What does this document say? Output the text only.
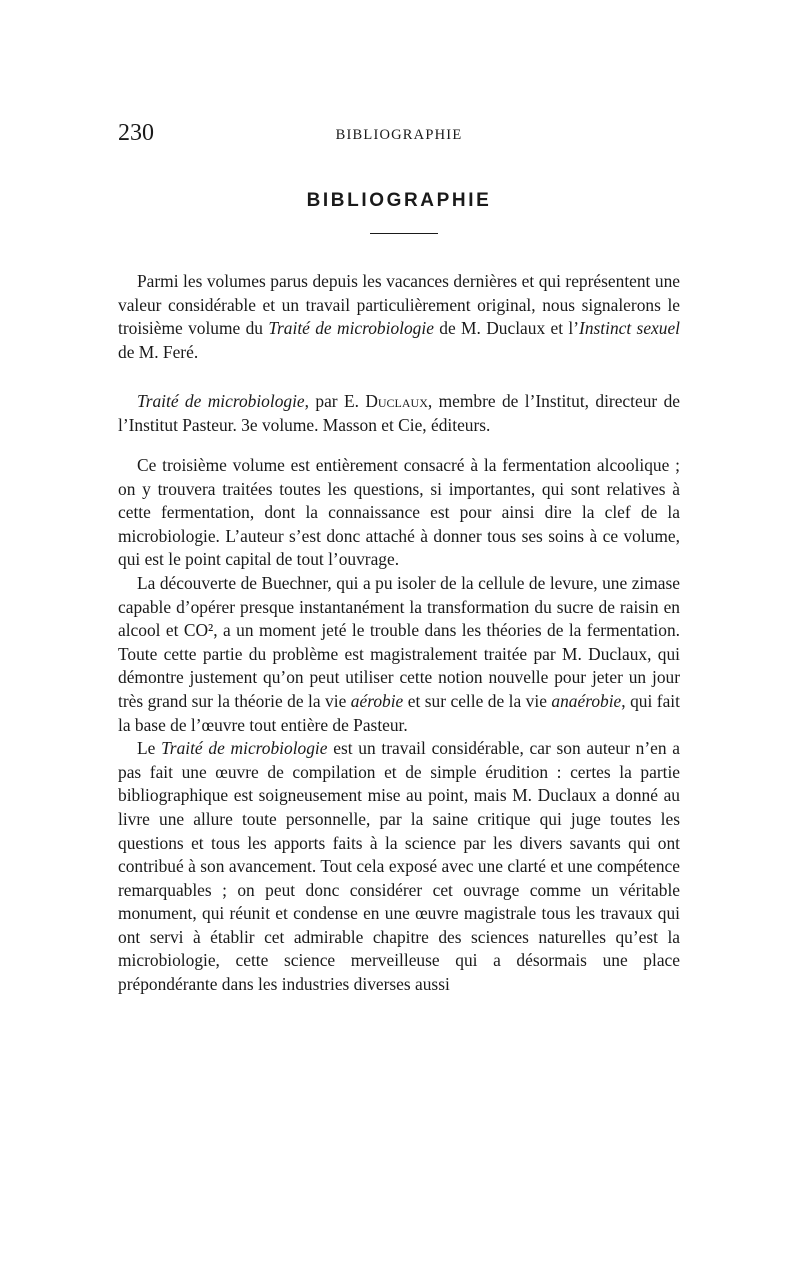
230	BIBLIOGRAPHIE
BIBLIOGRAPHIE

Parmi les volumes parus depuis les vacances dernières et qui représentent une valeur considérable et un travail particulièrement original, nous signalerons le troisième volume du Traité de microbiologie de M. Duclaux et l’Instinct sexuel de M. Feré.

Traité de microbiologie, par E. Duclaux, membre de l’Institut, directeur de l’Institut Pasteur. 3e volume. Masson et Cie, éditeurs.

Ce troisième volume est entièrement consacré à la fermentation alcoolique ; on y trouvera traitées toutes les questions, si importantes, qui sont relatives à cette fermentation, dont la connaissance est pour ainsi dire la clef de la microbiologie. L’auteur s’est donc attaché à donner tous ses soins à ce volume, qui est le point capital de tout l’ouvrage.

La découverte de Buechner, qui a pu isoler de la cellule de levure, une zimase capable d’opérer presque instantanément la transformation du sucre de raisin en alcool et CO², a un moment jeté le trouble dans les théories de la fermentation. Toute cette partie du problème est magistralement traitée par M. Duclaux, qui démontre justement qu’on peut utiliser cette notion nouvelle pour jeter un jour très grand sur la théorie de la vie aérobie et sur celle de la vie anaérobie, qui fait la base de l’œuvre tout entière de Pasteur.

Le Traité de microbiologie est un travail considérable, car son auteur n’en a pas fait une œuvre de compilation et de simple érudition : certes la partie bibliographique est soigneusement mise au point, mais M. Duclaux a donné au livre une allure toute personnelle, par la saine critique qui juge toutes les questions et tous les apports faits à la science par les divers savants qui ont contribué à son avancement. Tout cela exposé avec une clarté et une compétence remarquables ; on peut donc considérer cet ouvrage comme un véritable monument, qui réunit et condense en une œuvre magistrale tous les travaux qui ont servi à établir cet admirable chapitre des sciences naturelles qu’est la microbiologie, cette science merveilleuse qui a désormais une place prépondérante dans les industries diverses aussi
